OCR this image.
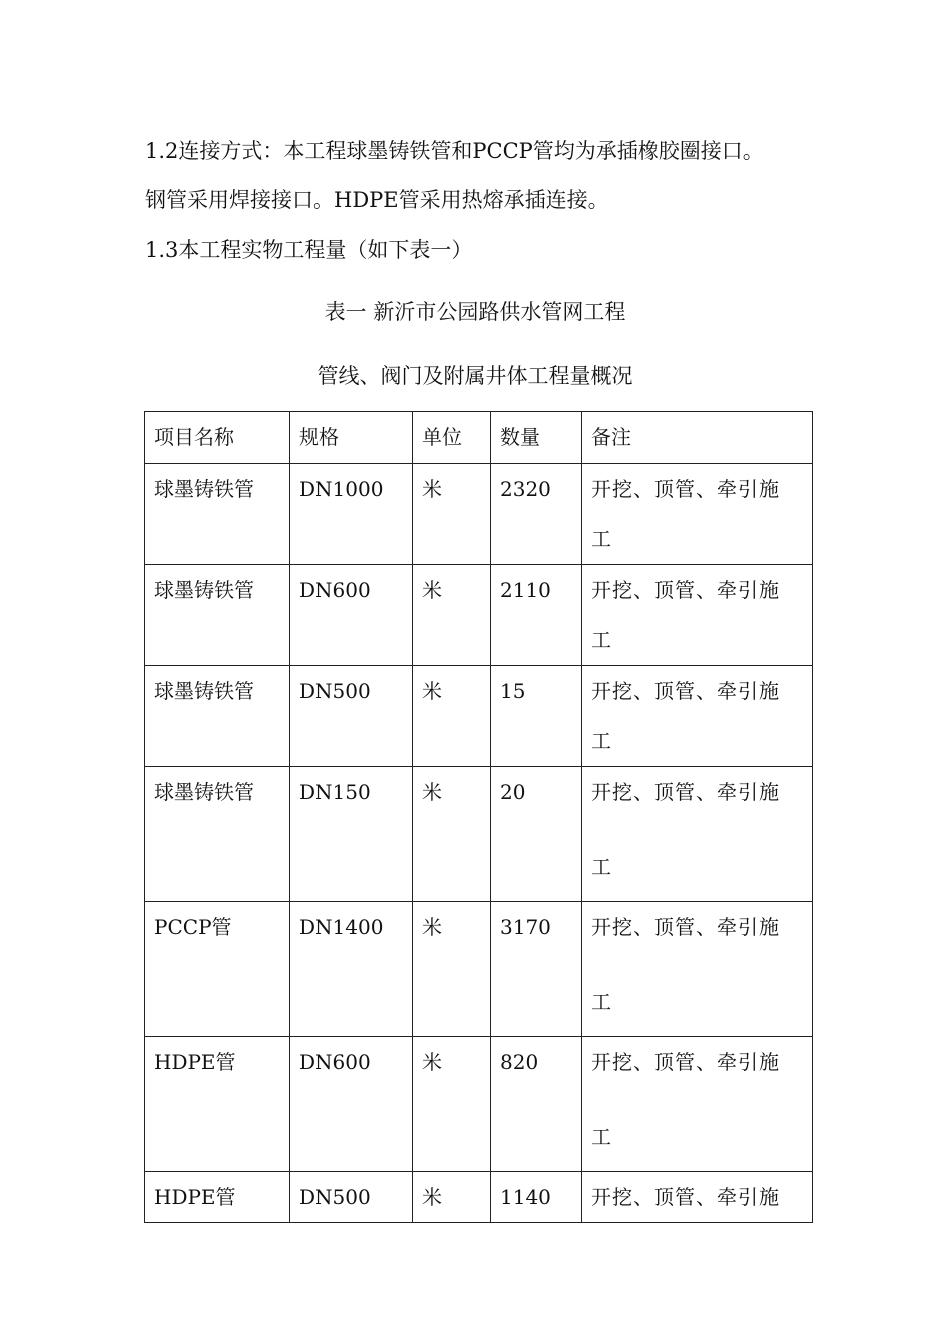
1.2连接方式：本工程球墨铸铁管和PCCP管均为承插橡胶圈接口。

钢管采用焊接接口。HDPE管采用热熔承插连接。

1.3本工程实物工程量（如下表一）

表一 新沂市公园路供水管网工程
管线、阀门及附属井体工程量概况
项目名称	规格	单位	数量	备注

球墨铸铁管	DN1000	米	2320	开挖、顶管、牵引施
工

球墨铸铁管	DN600	米	2110	开挖、顶管、牵引施
工

球墨铸铁管	DN500	米	15	开挖、顶管、牵引施
工

球墨铸铁管	DN150	米	20	开挖、顶管、牵引施
工

PCCP管	DN1400	米	3170	开挖、顶管、牵引施
工

HDPE管	DN600	米	820	开挖、顶管、牵引施
工

HDPE管	DN500	米	1140	开挖、顶管、牵引施
